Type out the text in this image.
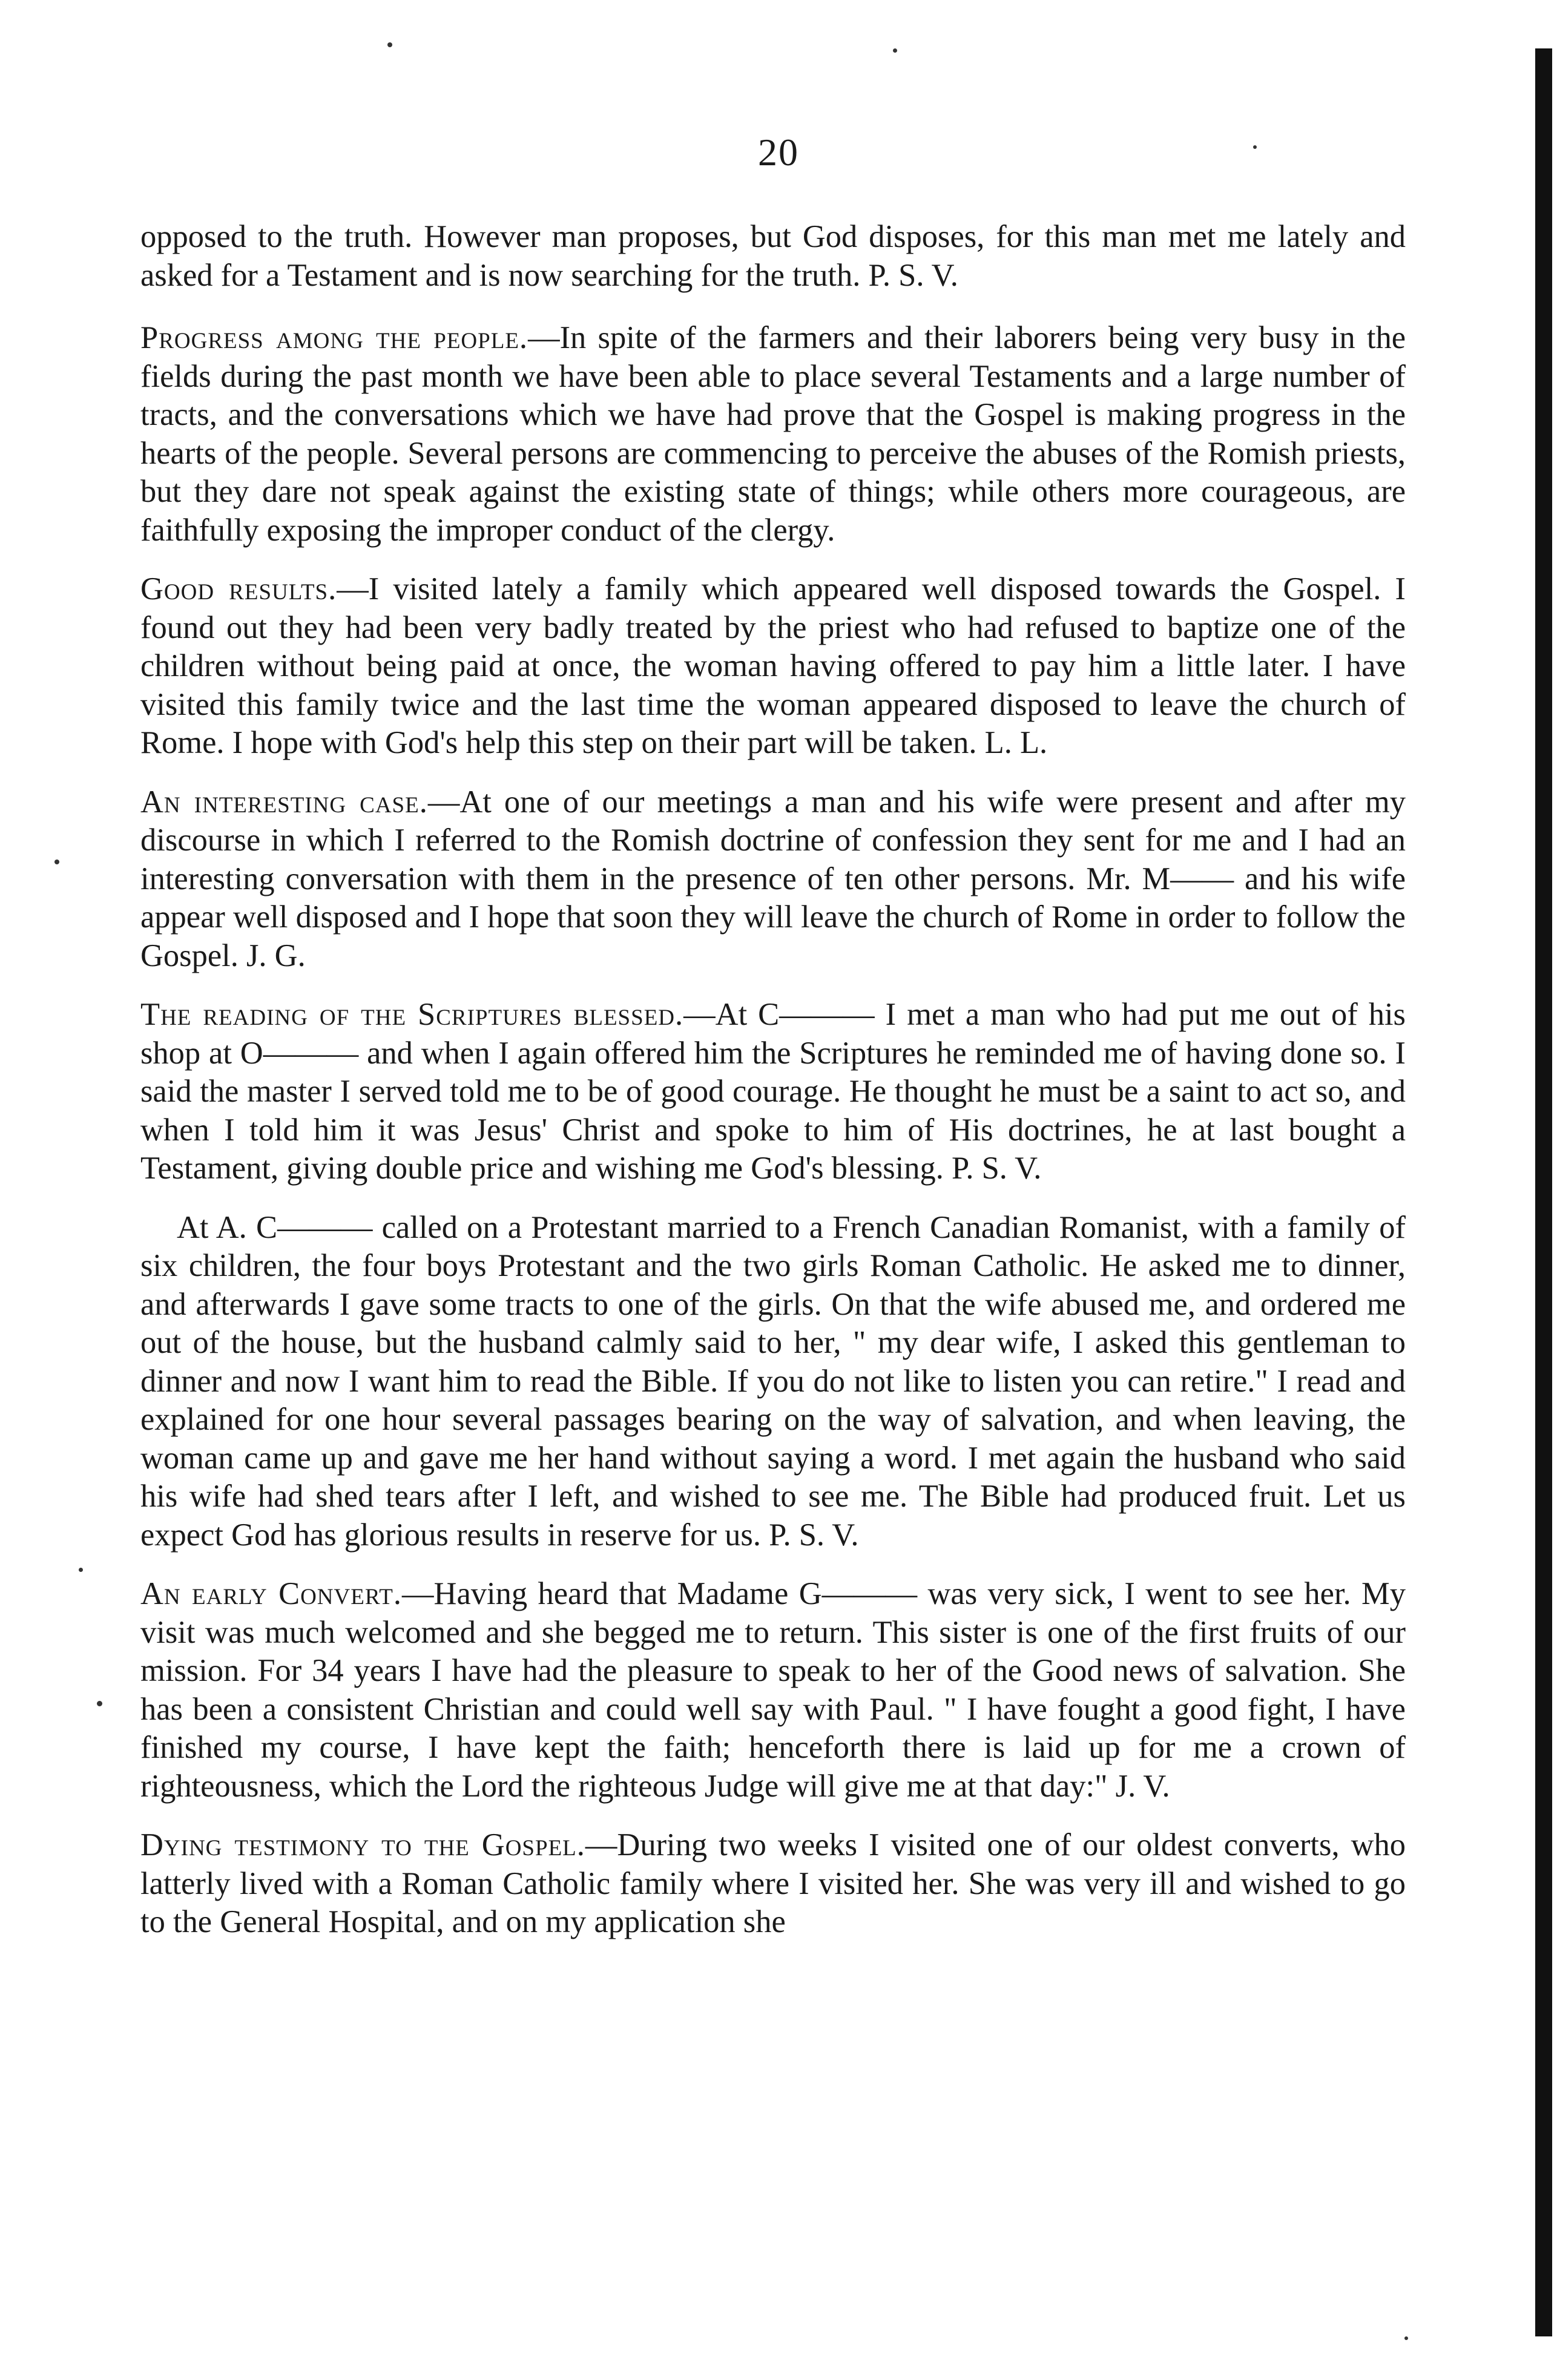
20

opposed to the truth. However man proposes, but God disposes, for this man met me lately and asked for a Testament and is now searching for the truth. P. S. V.

Progress among the people.—In spite of the farmers and their laborers being very busy in the fields during the past month we have been able to place several Testaments and a large number of tracts, and the conversations which we have had prove that the Gospel is making progress in the hearts of the people. Several persons are commencing to perceive the abuses of the Romish priests, but they dare not speak against the existing state of things; while others more courageous, are faithfully exposing the improper conduct of the clergy.

Good results.—I visited lately a family which appeared well disposed towards the Gospel. I found out they had been very badly treated by the priest who had refused to baptize one of the children without being paid at once, the woman having offered to pay him a little later. I have visited this family twice and the last time the woman appeared disposed to leave the church of Rome. I hope with God's help this step on their part will be taken. L. L.

An interesting case.—At one of our meetings a man and his wife were present and after my discourse in which I referred to the Romish doctrine of confession they sent for me and I had an interesting conversation with them in the presence of ten other persons. Mr. M—— and his wife appear well disposed and I hope that soon they will leave the church of Rome in order to follow the Gospel. J. G.

The reading of the Scriptures blessed.—At C——— I met a man who had put me out of his shop at O——— and when I again offered him the Scriptures he reminded me of having done so. I said the master I served told me to be of good courage. He thought he must be a saint to act so, and when I told him it was Jesus' Christ and spoke to him of His doctrines, he at last bought a Testament, giving double price and wishing me God's blessing. P. S. V.

At A. C——— called on a Protestant married to a French Canadian Romanist, with a family of six children, the four boys Protestant and the two girls Roman Catholic. He asked me to dinner, and afterwards I gave some tracts to one of the girls. On that the wife abused me, and ordered me out of the house, but the husband calmly said to her, " my dear wife, I asked this gentleman to dinner and now I want him to read the Bible. If you do not like to listen you can retire." I read and explained for one hour several passages bearing on the way of salvation, and when leaving, the woman came up and gave me her hand without saying a word. I met again the husband who said his wife had shed tears after I left, and wished to see me. The Bible had produced fruit. Let us expect God has glorious results in reserve for us. P. S. V.

An early Convert.—Having heard that Madame G——— was very sick, I went to see her. My visit was much welcomed and she begged me to return. This sister is one of the first fruits of our mission. For 34 years I have had the pleasure to speak to her of the Good news of salvation. She has been a consistent Christian and could well say with Paul. " I have fought a good fight, I have finished my course, I have kept the faith; henceforth there is laid up for me a crown of righteousness, which the Lord the righteous Judge will give me at that day:" J. V.

Dying testimony to the Gospel.—During two weeks I visited one of our oldest converts, who latterly lived with a Roman Catholic family where I visited her. She was very ill and wished to go to the General Hospital, and on my application she
